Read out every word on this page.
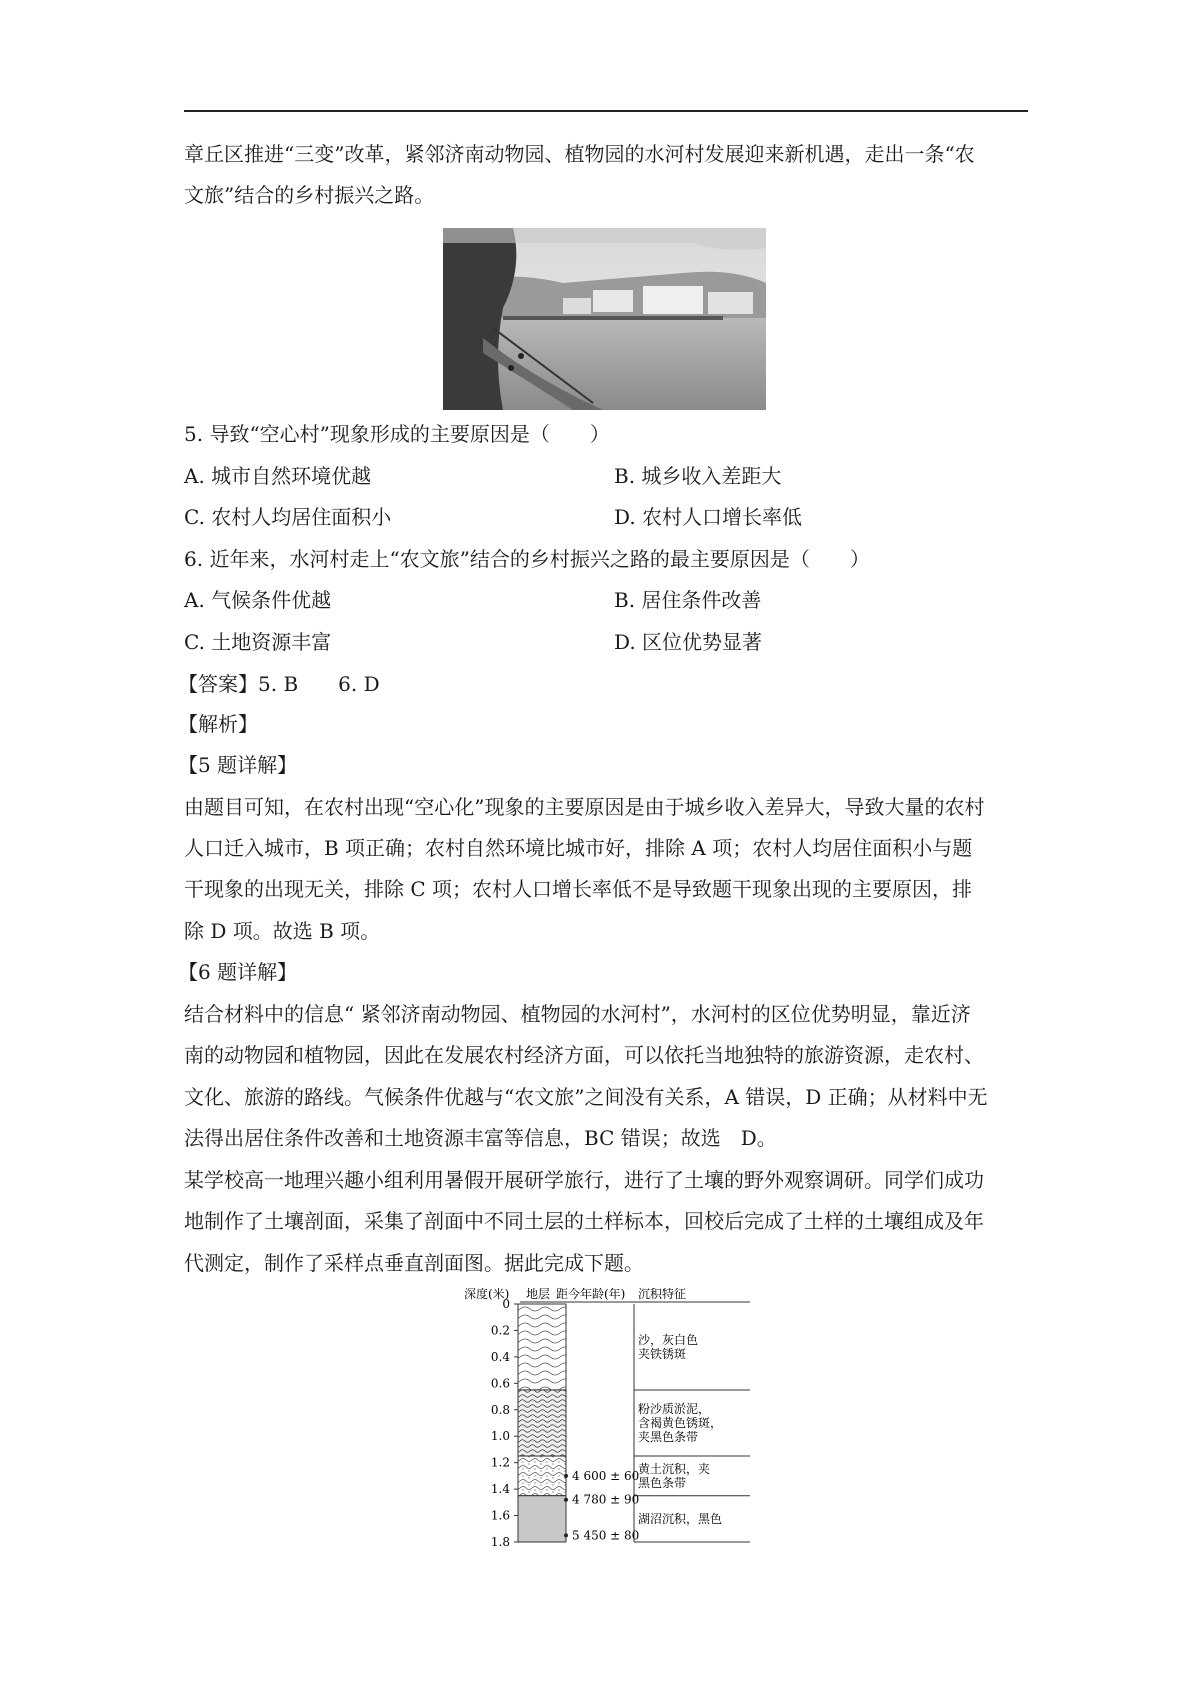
章丘区推进“三变”改革，紧邻济南动物园、植物园的水河村发展迎来新机遇，走出一条“农
文旅”结合的乡村振兴之路。
5. 导致“空心村”现象形成的主要原因是（　　）
A. 城市自然环境优越	B. 城乡收入差距大
C. 农村人均居住面积小	D. 农村人口增长率低
6. 近年来，水河村走上“农文旅”结合的乡村振兴之路的最主要原因是（　　）
A. 气候条件优越	B. 居住条件改善
C. 土地资源丰富	D. 区位优势显著
【答案】5. B　　6. D
【解析】
【5 题详解】
由题目可知，在农村出现“空心化”现象的主要原因是由于城乡收入差异大，导致大量的农村
人口迁入城市，B 项正确；农村自然环境比城市好，排除 A 项；农村人均居住面积小与题
干现象的出现无关，排除 C 项；农村人口增长率低不是导致题干现象出现的主要原因，排
除 D 项。故选 B 项。
【6 题详解】
结合材料中的信息“ 紧邻济南动物园、植物园的水河村”，水河村的区位优势明显，靠近济
南的动物园和植物园，因此在发展农村经济方面，可以依托当地独特的旅游资源，走农村、
文化、旅游的路线。气候条件优越与“农文旅”之间没有关系，A 错误，D 正确；从材料中无
法得出居住条件改善和土地资源丰富等信息，BC 错误；故选　D。
某学校高一地理兴趣小组利用暑假开展研学旅行，进行了土壤的野外观察调研。同学们成功
地制作了土壤剖面，采集了剖面中不同土层的土样标本，回校后完成了土样的土壤组成及年
代测定，制作了采样点垂直剖面图。据此完成下题。
深度(米) 地层 距今年龄(年) 沉积特征
0
0.2
0.4
0.6
0.8
1.0
1.2
1.4
1.6
1.8
沙，灰白色
夹铁锈斑
粉沙质淤泥，
含褐黄色锈斑，
夹黑色条带
黄土沉积，夹
黑色条带
湖沼沉积，黑色
4 600 ± 60
4 780 ± 90
5 450 ± 80
